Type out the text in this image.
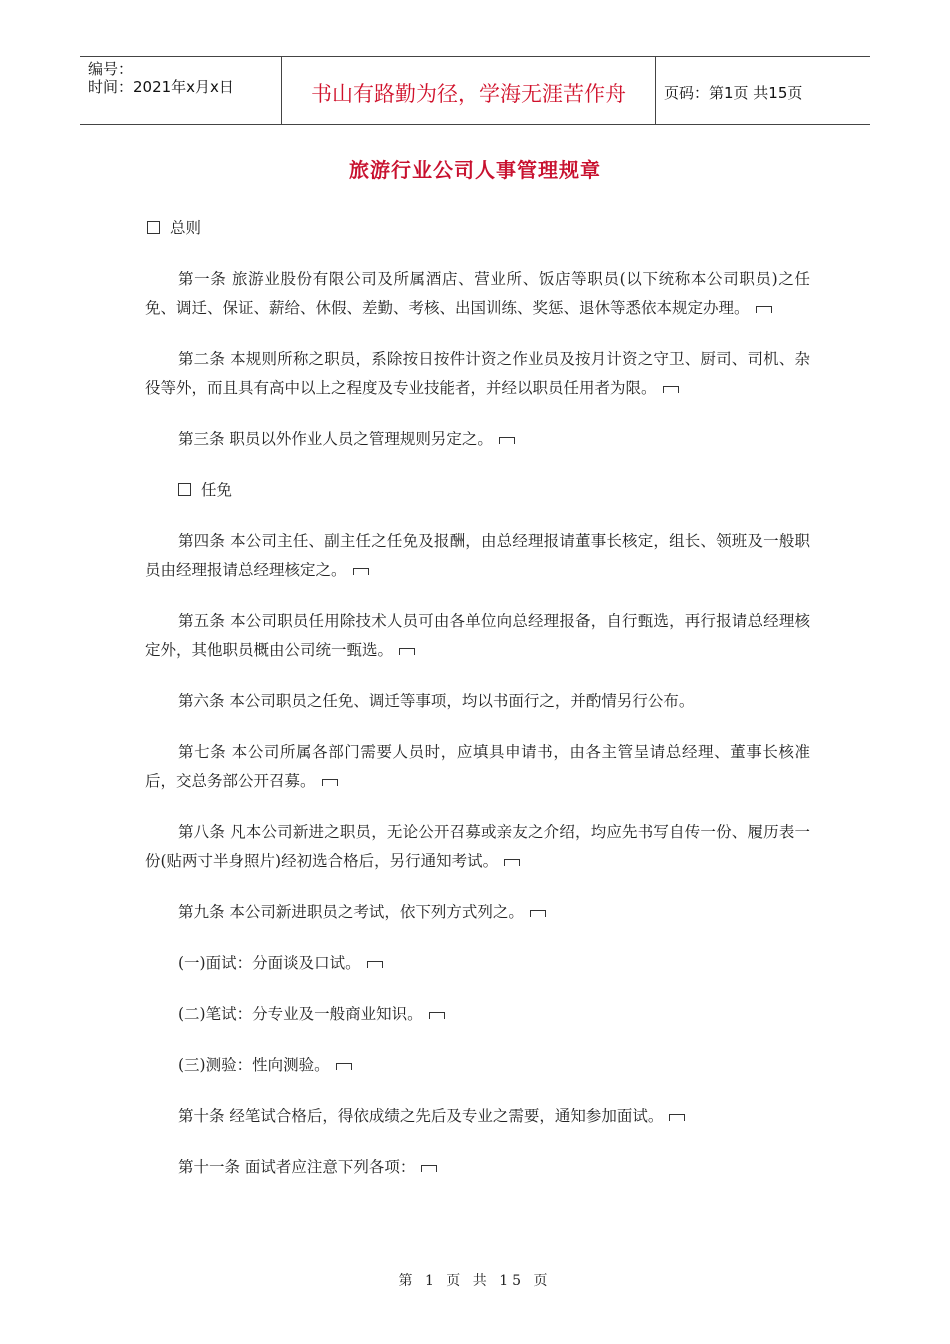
编号：
时间：2021年x月x日	书山有路勤为径，学海无涯苦作舟	页码：第1页 共15页
旅游行业公司人事管理规章
总则

第一条 旅游业股份有限公司及所属酒店、营业所、饭店等职员(以下统称本公司职员)之任免、调迁、保证、薪给、休假、差勤、考核、出国训练、奖惩、退休等悉依本规定办理。

第二条 本规则所称之职员，系除按日按件计资之作业员及按月计资之守卫、厨司、司机、杂役等外，而且具有高中以上之程度及专业技能者，并经以职员任用者为限。

第三条 职员以外作业人员之管理规则另定之。

任免

第四条 本公司主任、副主任之任免及报酬，由总经理报请董事长核定，组长、领班及一般职员由经理报请总经理核定之。

第五条 本公司职员任用除技术人员可由各单位向总经理报备，自行甄选，再行报请总经理核定外，其他职员概由公司统一甄选。

第六条 本公司职员之任免、调迁等事项，均以书面行之，并酌情另行公布。

第七条 本公司所属各部门需要人员时，应填具申请书，由各主管呈请总经理、董事长核准后，交总务部公开召募。

第八条 凡本公司新进之职员，无论公开召募或亲友之介绍，均应先书写自传一份、履历表一份(贴两寸半身照片)经初选合格后，另行通知考试。

第九条 本公司新进职员之考试，依下列方式列之。

(一)面试：分面谈及口试。

(二)笔试：分专业及一般商业知识。

(三)测验：性向测验。

第十条 经笔试合格后，得依成绩之先后及专业之需要，通知参加面试。

第十一条 面试者应注意下列各项：

第 1 页 共 15 页
